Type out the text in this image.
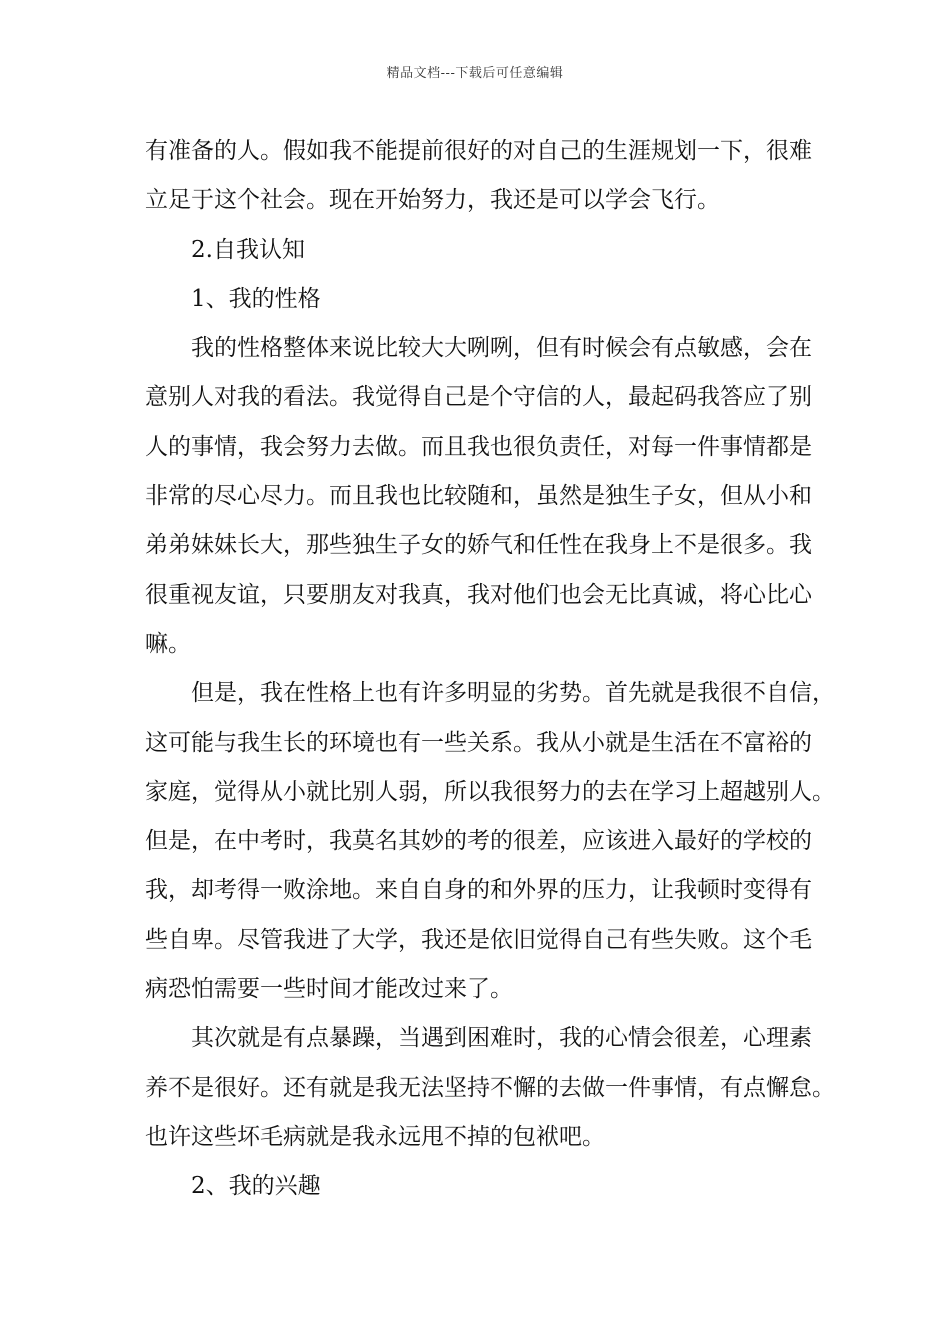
精品文档---下载后可任意编辑
有准备的人。假如我不能提前很好的对自己的生涯规划一下，很难
立足于这个社会。现在开始努力，我还是可以学会飞行。
2.自我认知
1、我的性格
我的性格整体来说比较大大咧咧，但有时候会有点敏感，会在
意别人对我的看法。我觉得自己是个守信的人，最起码我答应了别
人的事情，我会努力去做。而且我也很负责任，对每一件事情都是
非常的尽心尽力。而且我也比较随和，虽然是独生子女，但从小和
弟弟妹妹长大，那些独生子女的娇气和任性在我身上不是很多。我
很重视友谊，只要朋友对我真，我对他们也会无比真诚，将心比心
嘛。
但是，我在性格上也有许多明显的劣势。首先就是我很不自信，
这可能与我生长的环境也有一些关系。我从小就是生活在不富裕的
家庭，觉得从小就比别人弱，所以我很努力的去在学习上超越别人。
但是，在中考时，我莫名其妙的考的很差，应该进入最好的学校的
我，却考得一败涂地。来自自身的和外界的压力，让我顿时变得有
些自卑。尽管我进了大学，我还是依旧觉得自己有些失败。这个毛
病恐怕需要一些时间才能改过来了。
其次就是有点暴躁，当遇到困难时，我的心情会很差，心理素
养不是很好。还有就是我无法坚持不懈的去做一件事情，有点懈怠。
也许这些坏毛病就是我永远甩不掉的包袱吧。
2、我的兴趣
